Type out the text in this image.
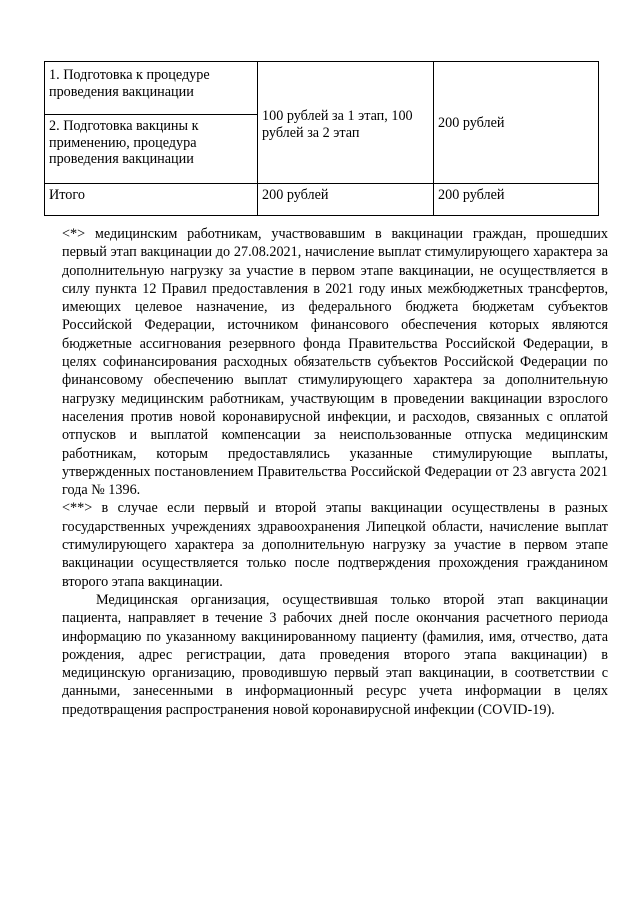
1. Подготовка к процедуре проведения вакцинации	100 рублей за 1 этап, 100 рублей за 2 этап	200 рублей
2. Подготовка вакцины к применению, процедура проведения вакцинации		
Итого	200 рублей	200 рублей

<*> медицинским работникам, участвовавшим в вакцинации граждан, прошедших первый этап вакцинации до 27.08.2021, начисление выплат стимулирующего характера за дополнительную нагрузку за участие в первом этапе вакцинации, не осуществляется в силу пункта 12 Правил предоставления в 2021 году иных межбюджетных трансфертов, имеющих целевое назначение, из федерального бюджета бюджетам субъектов Российской Федерации, источником финансового обеспечения которых являются бюджетные ассигнования резервного фонда Правительства Российской Федерации, в целях софинансирования расходных обязательств субъектов Российской Федерации по финансовому обеспечению выплат стимулирующего характера за дополнительную нагрузку медицинским работникам, участвующим в проведении вакцинации взрослого населения против новой коронавирусной инфекции, и расходов, связанных с оплатой отпусков и выплатой компенсации за неиспользованные отпуска медицинским работникам, которым предоставлялись указанные стимулирующие выплаты, утвержденных постановлением Правительства Российской Федерации от 23 августа 2021 года № 1396.

<**> в случае если первый и второй этапы вакцинации осуществлены в разных государственных учреждениях здравоохранения Липецкой области, начисление выплат стимулирующего характера за дополнительную нагрузку за участие в первом этапе вакцинации осуществляется только после подтверждения прохождения гражданином второго этапа вакцинации.

Медицинская организация, осуществившая только второй этап вакцинации пациента, направляет в течение 3 рабочих дней после окончания расчетного периода информацию по указанному вакцинированному пациенту (фамилия, имя, отчество, дата рождения, адрес регистрации, дата проведения второго этапа вакцинации) в медицинскую организацию, проводившую первый этап вакцинации, в соответствии с данными, занесенными в информационный ресурс учета информации в целях предотвращения распространения новой коронавирусной инфекции (COVID-19).
